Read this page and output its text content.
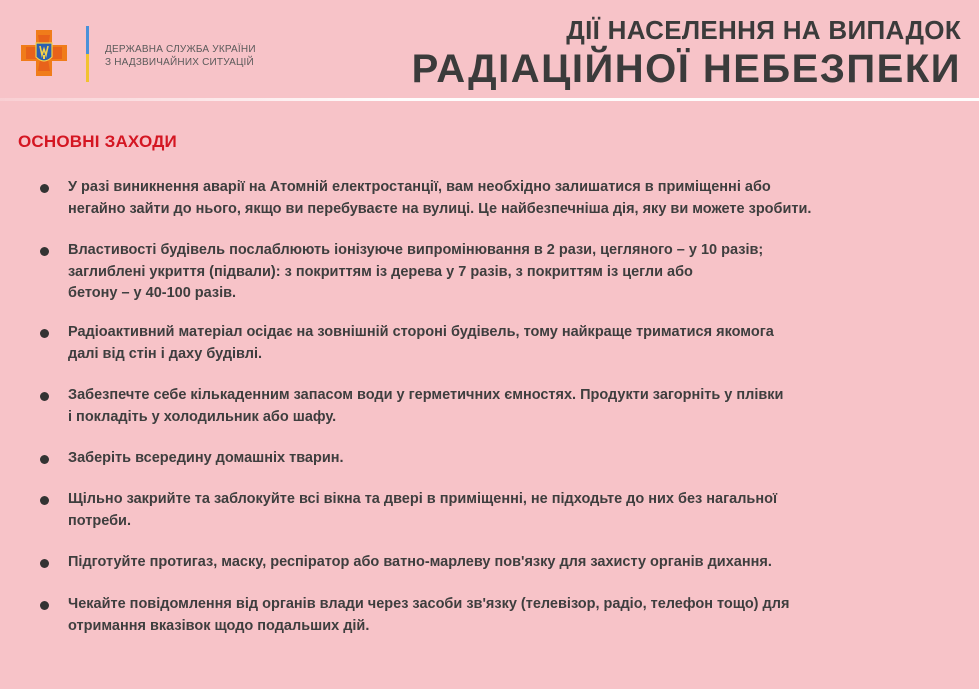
ДЕРЖАВНА СЛУЖБА УКРАЇНИ
З НАДЗВИЧАЙНИХ СИТУАЦІЙ
ДІЇ НАСЕЛЕННЯ НА ВИПАДОК
РАДІАЦІЙНОЇ НЕБЕЗПЕКИ
ОСНОВНІ ЗАХОДИ
У разі виникнення аварії на Атомній електростанції, вам необхідно залишатися в приміщенні або
негайно зайти до нього, якщо ви перебуваєте на вулиці. Це найбезпечніша дія, яку ви можете зробити.
Властивості будівель послаблюють іонізуюче випромінювання в 2 рази, цегляного – у 10 разів;
заглиблені укриття (підвали): з покриттям із дерева у 7 разів, з покриттям із цегли або
бетону – у 40-100 разів.
Радіоактивний матеріал осідає на зовнішній стороні будівель, тому найкраще триматися якомога
далі від стін і даху будівлі.
Забезпечте себе кількаденним запасом води у герметичних ємностях. Продукти загорніть у плівки
і покладіть у холодильник або шафу.
Заберіть всередину домашніх тварин.
Щільно закрийте та заблокуйте всі вікна та двері в приміщенні, не підходьте до них без нагальної
потреби.
Підготуйте протигаз, маску, респіратор або ватно-марлеву пов'язку для захисту органів дихання.
Чекайте повідомлення від органів влади через засоби зв'язку (телевізор, радіо, телефон тощо) для
отримання вказівок щодо подальших дій.
